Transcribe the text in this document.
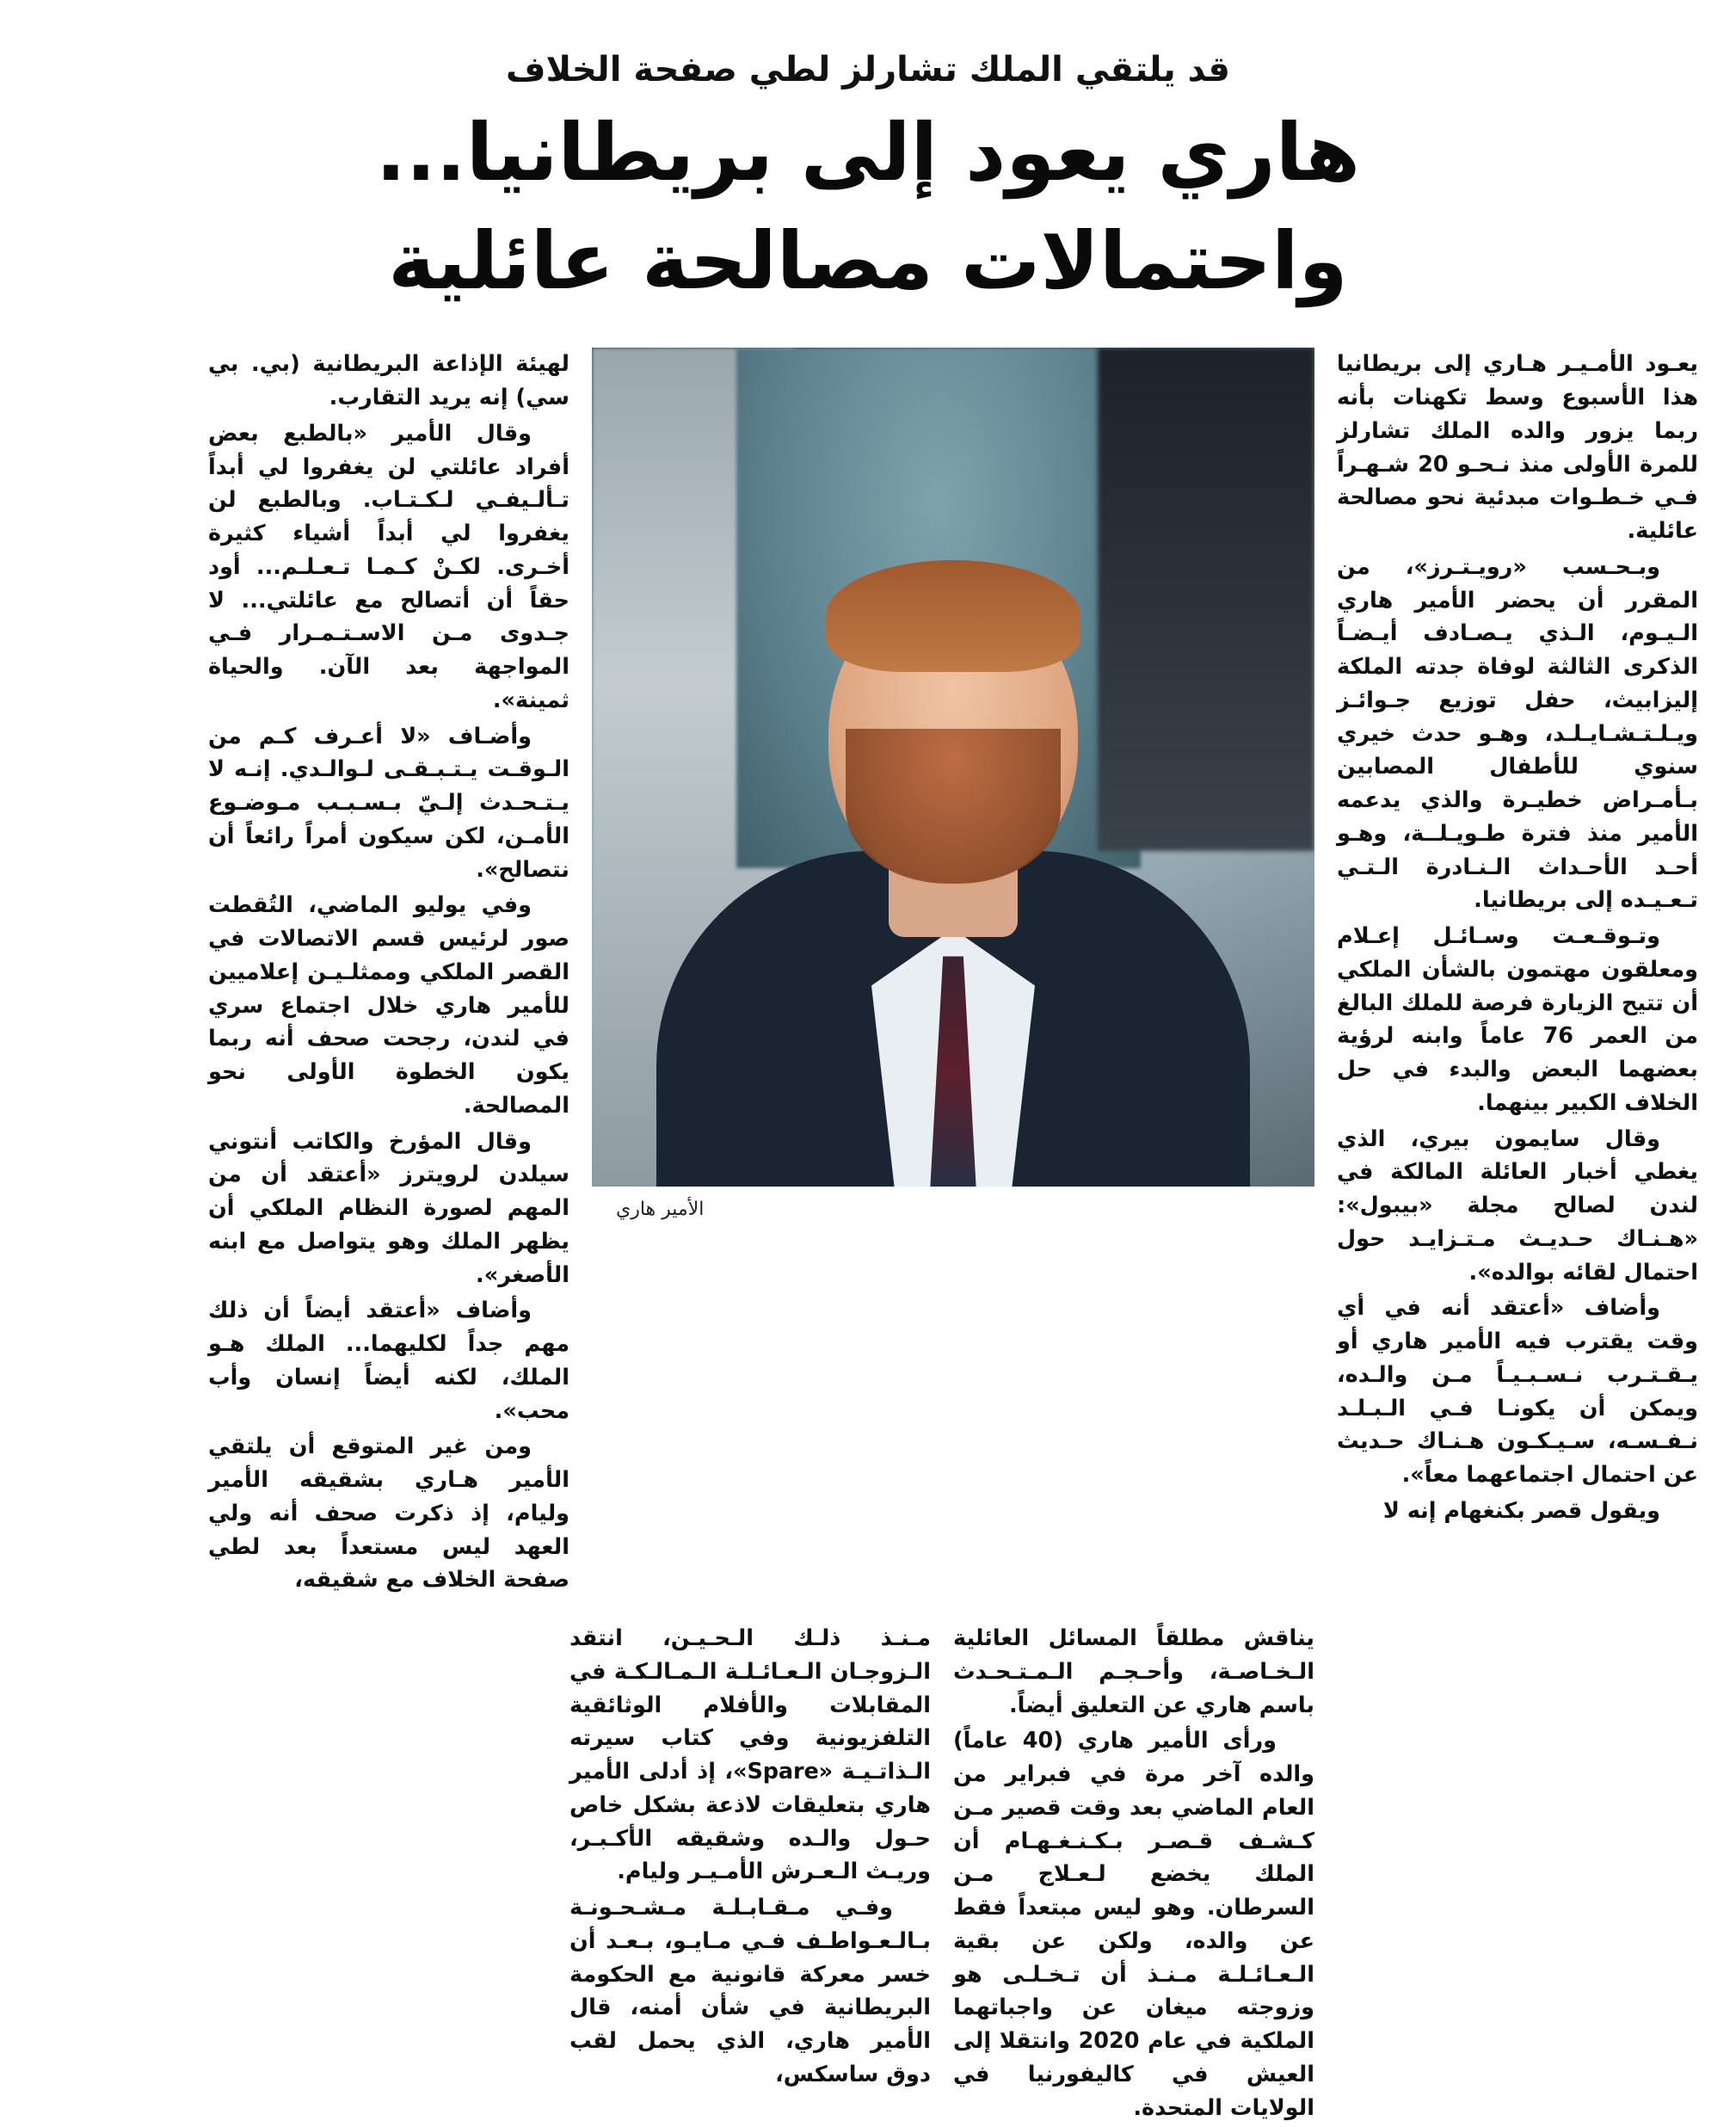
قد يلتقي الملك تشارلز لطي صفحة الخلاف
هاري يعود إلى بريطانيا...
واحتمالات مصالحة عائلية

يعـود الأمـيـر هـاري إلى بريطانيا هذا الأسبوع وسط تكهنات بأنه ربما يزور والده الملك تشارلز للمرة الأولى منذ نـحـو 20 شـهـراً فـي خـطـوات مبدئية نحو مصالحة عائلية.

وبـحـسب «رويـتـرز»، من المقرر أن يحضر الأمير هاري الـيـوم، الـذي يـصـادف أيـضـاً الذكرى الثالثة لوفاة جدته الملكة إليزابيث، حفل توزيع جـوائـز ويـلـتـشـايـلـد، وهـو حدث خيري سنوي للأطفال المصابين بـأمـراض خطيـرة والذي يدعمه الأمير منذ فترة طـويـلــة، وهـو أحـد الأحـداث الـنـادرة الـتـي تـعـيـده إلى بريطانيا.

وتـوقـعـت وسـائـل إعـلام ومعلقون مهتمون بالشأن الملكي أن تتيح الزيارة فرصة للملك البالغ من العمر 76 عاماً وابنه لرؤية بعضهما البعض والبدء في حل الخلاف الكبير بينهما.

وقال سايمون بيري، الذي يغطي أخبار العائلة المالكة في لندن لصالح مجلة «بيبول»: «هـنـاك حـديـث مـتـزايـد حول احتمال لقائه بوالده».

وأضاف «أعتقد أنه في أي وقت يقترب فيه الأمير هاري أو يـقـتـرب نـسـبـيـاً مـن والـده، ويمكن أن يكونـا فـي الـبـلـد نـفـسـه، سـيـكـون هـنـاك حـديث عن احتمال اجتماعهما معاً».

ويقول قصر بكنغهام إنه لا

الأمير هاري

لهيئة الإذاعة البريطانية (بي. بي سي) إنه يريد التقارب.

وقال الأمير «بالطبع بعض أفراد عائلتي لن يغفروا لي أبداً تـألـيفـي لـكـتـاب. وبالطبع لن يغفروا لي أبداً أشياء كثيرة أخـرى. لكـنْ كـمـا تـعـلـم... أود حقاً أن أتصالح مع عائلتي... لا جـدوى مـن الاسـتـمـرار فـي المواجهة بعد الآن. والحياة ثمينة».

وأضـاف «لا أعـرف كـم من الـوقـت يـتـبـقـى لـوالـدي. إنـه لا يـتـحـدث إلـيّ بـسـبـب مـوضـوع الأمـن، لكن سيكون أمراً رائعاً أن نتصالح».

وفي يوليو الماضي، التُقطت صور لرئيس قسم الاتصالات في القصر الملكي وممثلـيـن إعلاميين للأمير هاري خلال اجتماع سري في لندن، رجحت صحف أنه ربما يكون الخطوة الأولى نحو المصالحة.

وقال المؤرخ والكاتب أنتوني سيلدن لرويترز «أعتقد أن من المهم لصورة النظام الملكي أن يظهر الملك وهو يتواصل مع ابنه الأصغر».

وأضاف «أعتقد أيضاً أن ذلك مهم جداً لكليهما... الملك هـو الملك، لكنه أيضاً إنسان وأب محب».

ومن غير المتوقع أن يلتقي الأمير هـاري بشقيقه الأمير وليام، إذ ذكرت صحف أنه ولي العهد ليس مستعداً بعد لطي صفحة الخلاف مع شقيقه،

يناقش مطلقاً المسائل العائلية الـخـاصـة، وأحـجـم الـمـتـحـدث باسم هاري عن التعليق أيضاً.

ورأى الأمير هاري (40 عاماً) والده آخر مرة في فبراير من العام الماضي بعد وقت قصير مـن كـشـف قـصـر بـكـنـغـهـام أن الملك يخضع لـعـلاج مـن السرطان. وهو ليس مبتعداً فقط عن والده، ولكن عن بقية الـعـائـلـة مـنـذ أن تـخـلـى هو وزوجته ميغان عن واجباتهما الملكية في عام 2020 وانتقلا إلى العيش في كاليفورنيا في الولايات المتحدة.

مـنـذ ذلـك الـحـيـن، انتقد الـزوجـان الـعـائـلـة الـمـالـكـة في المقابلات والأفلام الوثائقية التلفزيونية وفي كتاب سيرته الـذاتـيـة «Spare»، إذ أدلى الأمير هاري بتعليقات لاذعة بشكل خاص حـول والـده وشقيقه الأكـبـر، وريـث الـعـرش الأمـيـر وليام.

وفـي مـقـابـلـة مـشـحـونـة بـالـعـواطـف فـي مـايـو، بـعـد أن خسر معركة قانونية مع الحكومة البريطانية في شأن أمنه، قال الأمير هاري، الذي يحمل لقب دوق ساسكس،
